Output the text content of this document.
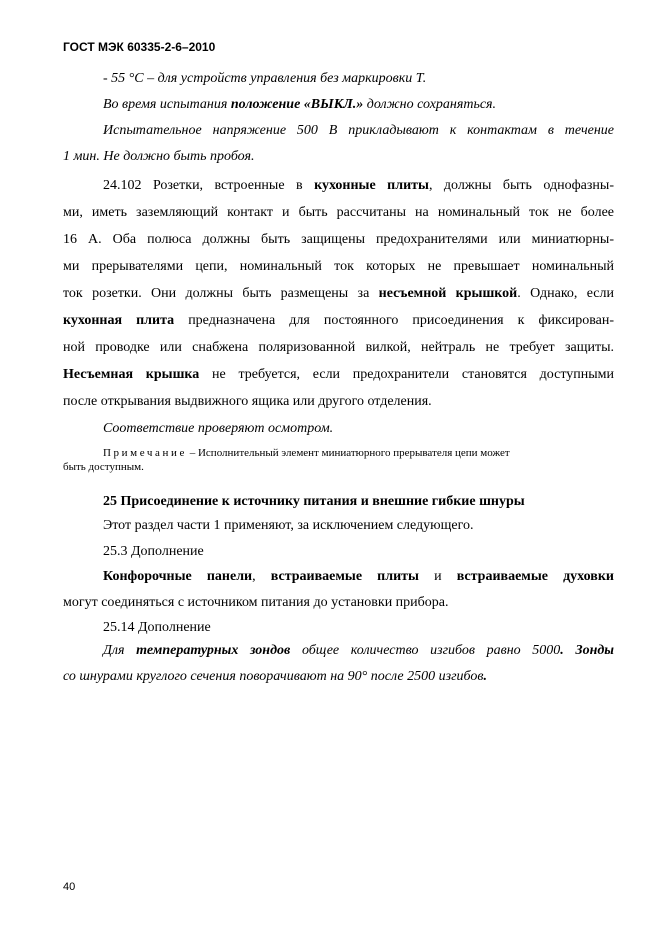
ГОСТ МЭК 60335-2-6–2010
- 55 °С – для устройств управления без маркировки Т.
Во время испытания положение «ВЫКЛ.» должно сохраняться.
Испытательное напряжение 500 В прикладывают к контактам в течение
1 мин. Не должно быть пробоя.
24.102 Розетки, встроенные в кухонные плиты, должны быть однофазны-
ми, иметь заземляющий контакт и быть рассчитаны на номинальный ток не более
16 А. Оба полюса должны быть защищены предохранителями или миниатюрны-
ми прерывателями цепи, номинальный ток которых не превышает номинальный
ток розетки. Они должны быть размещены за несъемной крышкой. Однако, если
кухонная плита предназначена для постоянного присоединения к фиксирован-
ной проводке или снабжена поляризованной вилкой, нейтраль не требует защиты.
Несъемная крышка не требуется, если предохранители становятся доступными
после открывания выдвижного ящика или другого отделения.
Соответствие проверяют осмотром.
Примечание – Исполнительный элемент миниатюрного прерывателя цепи может
быть доступным.
25 Присоединение к источнику питания и внешние гибкие шнуры
Этот раздел части 1 применяют, за исключением следующего.
25.3 Дополнение
Конфорочные панели, встраиваемые плиты и встраиваемые духовки
могут соединяться с источником питания до установки прибора.
25.14 Дополнение
Для температурных зондов общее количество изгибов равно 5000. Зонды
со шнурами круглого сечения поворачивают на 90° после 2500 изгибов.
40
